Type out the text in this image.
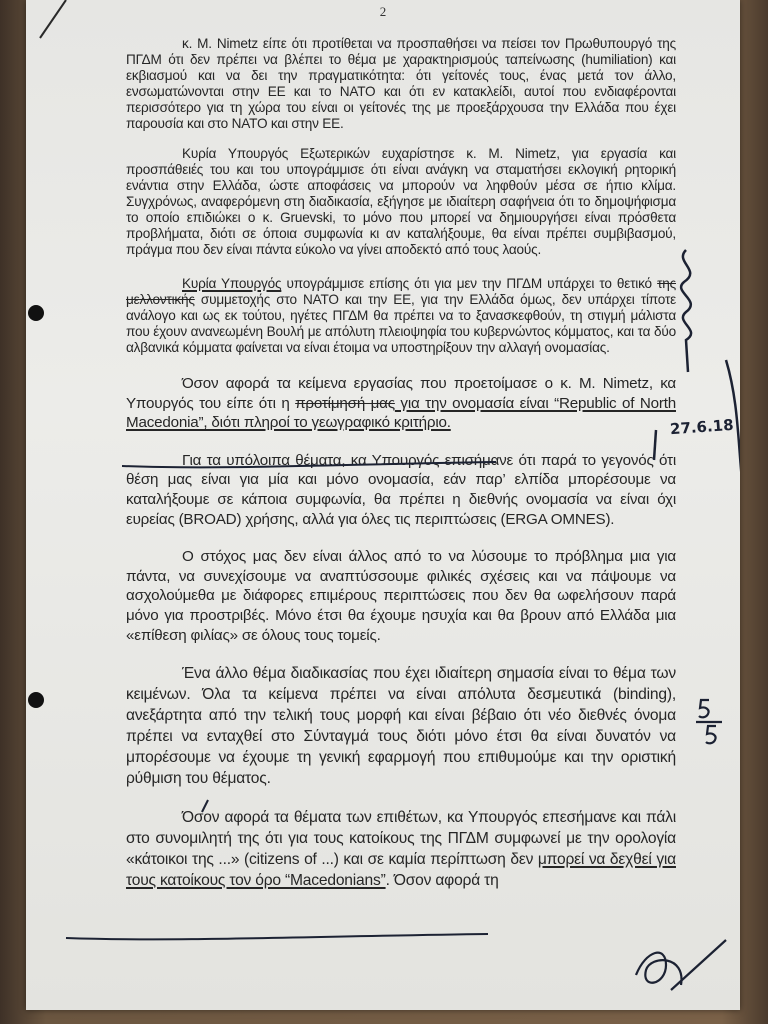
2

κ. Μ. Nimetz είπε ότι προτίθεται να προσπαθήσει να πείσει τον Πρωθυπουργό της ΠΓΔΜ ότι δεν πρέπει να βλέπει το θέμα με χαρακτηρισμούς ταπείνωσης (humiliation) και εκβιασμού και να δει την πραγματικότητα: ότι γείτονές τους, ένας μετά τον άλλο, ενσωματώνονται στην ΕΕ και το ΝΑΤΟ και ότι εν κατακλείδι, αυτοί που ενδιαφέρονται περισσότερο για τη χώρα του είναι οι γείτονές της με προεξάρχουσα την Ελλάδα που έχει παρουσία και στο ΝΑΤΟ και στην ΕΕ.

Κυρία Υπουργός Εξωτερικών ευχαρίστησε κ. Μ. Nimetz, για εργασία και προσπάθειές του και του υπογράμμισε ότι είναι ανάγκη να σταματήσει εκλογική ρητορική ενάντια στην Ελλάδα, ώστε αποφάσεις να μπορούν να ληφθούν μέσα σε ήπιο κλίμα. Συγχρόνως, αναφερόμενη στη διαδικασία, εξήγησε με ιδιαίτερη σαφήνεια ότι το δημοψήφισμα το οποίο επιδιώκει ο κ. Gruevski, το μόνο που μπορεί να δημιουργήσει είναι πρόσθετα προβλήματα, διότι σε όποια συμφωνία κι αν καταλήξουμε, θα είναι πρέπει συμβιβασμού, πράγμα που δεν είναι πάντα εύκολο να γίνει αποδεκτό από τους λαούς.

Κυρία Υπουργός υπογράμμισε επίσης ότι για μεν την ΠΓΔΜ υπάρχει το θετικό της μελλοντικής συμμετοχής στο ΝΑΤΟ και την ΕΕ, για την Ελλάδα όμως, δεν υπάρχει τίποτε ανάλογο και ως εκ τούτου, ηγέτες ΠΓΔΜ θα πρέπει να το ξανασκεφθούν, τη στιγμή μάλιστα που έχουν ανανεωμένη Βουλή με απόλυτη πλειοψηφία του κυβερνώντος κόμματος, και τα δύο αλβανικά κόμματα φαίνεται να είναι έτοιμα να υποστηρίξουν την αλλαγή ονομασίας.

Όσον αφορά τα κείμενα εργασίας που προετοίμασε ο κ. Μ. Nimetz, κα Υπουργός του είπε ότι η προτίμησή μας για την ονομασία είναι “Republic of North Macedonia”, διότι πληροί το γεωγραφικό κριτήριο.

Για τα υπόλοιπα θέματα, κα Υπουργός επισήμανε ότι παρά το γεγονός ότι θέση μας είναι για μία και μόνο ονομασία, εάν παρ’ ελπίδα μπορέσουμε να καταλήξουμε σε κάποια συμφωνία, θα πρέπει η διεθνής ονομασία να είναι όχι ευρείας (BROAD) χρήσης, αλλά για όλες τις περιπτώσεις (ERGA OMNES).

Ο στόχος μας δεν είναι άλλος από το να λύσουμε το πρόβλημα μια για πάντα, να συνεχίσουμε να αναπτύσσουμε φιλικές σχέσεις και να πάψουμε να ασχολούμεθα με διάφορες επιμέρους περιπτώσεις που δεν θα ωφελήσουν παρά μόνο για προστριβές. Μόνο έτσι θα έχουμε ησυχία και θα βρουν από Ελλάδα μια «επίθεση φιλίας» σε όλους τους τομείς.

Ένα άλλο θέμα διαδικασίας που έχει ιδιαίτερη σημασία είναι το θέμα των κειμένων. Όλα τα κείμενα πρέπει να είναι απόλυτα δεσμευτικά (binding), ανεξάρτητα από την τελική τους μορφή και είναι βέβαιο ότι νέο διεθνές όνομα πρέπει να ενταχθεί στο Σύνταγμά τους διότι μόνο έτσι θα είναι δυνατόν να μπορέσουμε να έχουμε τη γενική εφαρμογή που επιθυμούμε και την οριστική ρύθμιση του θέματος.

Όσον αφορά τα θέματα των επιθέτων, κα Υπουργός επεσήμανε και πάλι στο συνομιλητή της ότι για τους κατοίκους της ΠΓΔΜ συμφωνεί με την ορολογία «κάτοικοι της ...» (citizens of ...) και σε καμία περίπτωση δεν μπορεί να δεχθεί για τους κατοίκους τον όρο “Macedonians”. Όσον αφορά τη

27.6.18
